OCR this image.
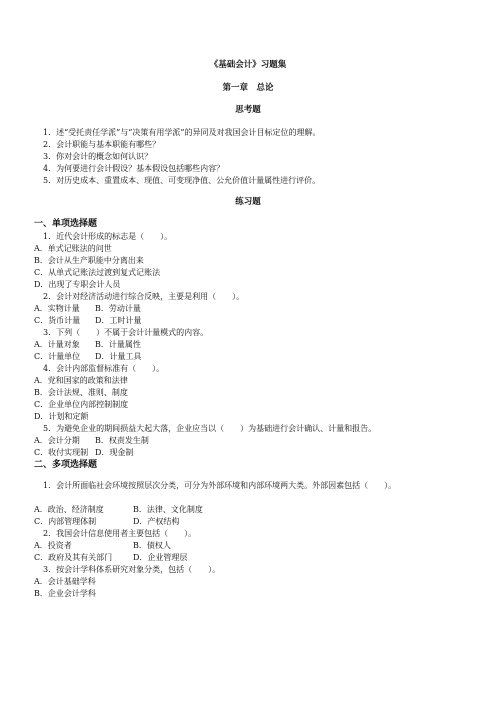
《基础会计》习题集
第一章　总论
思考题
1．述“受托责任学派”与“决策有用学派”的异同及对我国会计目标定位的理解。
2．会计职能与基本职能有哪些？
3．你对会计的概念如何认识？
4．为何要进行会计假设？基本假设包括哪些内容？
5．对历史成本、重置成本、现值、可变现净值、公允价值计量属性进行评价。
练习题
一、单项选择题
1．近代会计形成的标志是（　　）。
A．单式记账法的问世
B．会计从生产职能中分离出来
C．从单式记账法过渡到复式记账法
D．出现了专职会计人员
2．会计对经济活动进行综合反映，主要是利用（　　）。
A．实物计量 B．劳动计量
C．货币计量 D．工时计量
3．下列（　　）不属于会计计量模式的内容。
A．计量对象 B．计量属性
C．计量单位 D．计量工具
4．会计内部监督标准有（　　）。
A．党和国家的政策和法律
B．会计法规、准则、制度
C．企业单位内部控制制度
D．计划和定额
5．为避免企业的期间损益大起大落，企业应当以（　　）为基础进行会计确认、计量和报告。
A．会计分期 B．权责发生制
C．收付实现制 D．现金制
二、多项选择题
1．会计所面临社会环境按照层次分类，可分为外部环境和内部环境两大类。外部因素包括（　　）。
A．政治、经济制度	B．法律、文化制度
C．内部管理体制	D．产权结构
2．我国会计信息使用者主要包括（　　）。
A．投资者	B．债权人
C．政府及其有关部门	D．企业管理层
3．按会计学科体系研究对象分类，包括（　　）。
A．会计基础学科
B．企业会计学科
